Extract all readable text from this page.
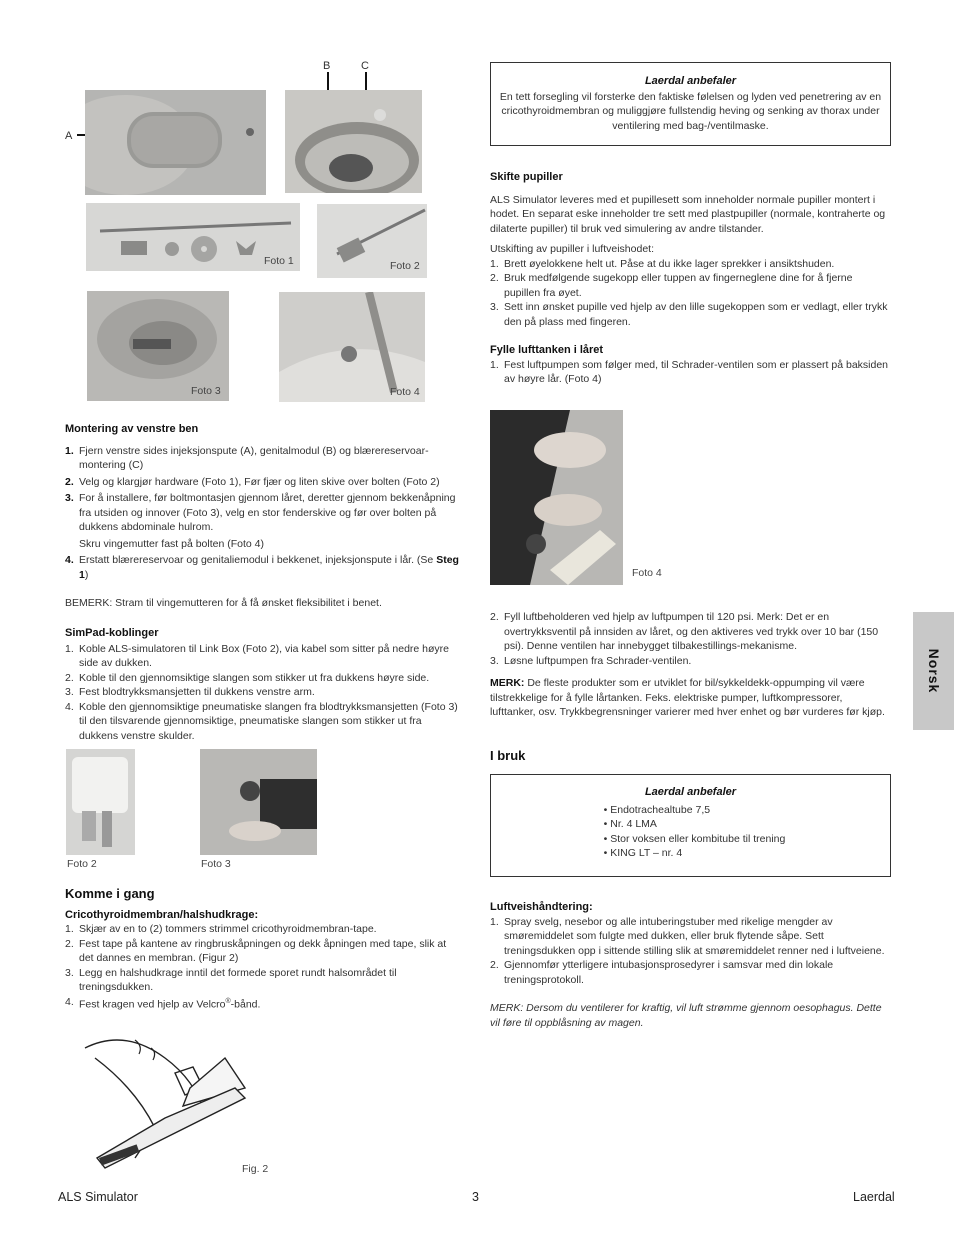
A
B	C
Foto 1	Foto 2
Foto 3	Foto 4
Montering av venstre ben
1. Fjern venstre sides injeksjonspute (A), genitalmodul (B) og blærereservoar-montering (C)
2. Velg og klargjør hardware (Foto 1), Før fjær og liten skive over bolten (Foto 2)
3. For å installere, før boltmontasjen gjennom låret, deretter gjennom bekkenåpning fra utsiden og innover (Foto 3), velg en stor fenderskive og før over bolten på dukkens abdominale hulrom.
Skru vingemutter fast på bolten (Foto 4)
4. Erstatt blærereservoar og genitaliemodul i bekkenet, injeksjonspute i lår. (Se Steg 1)
BEMERK: Stram til vingemutteren for å få ønsket fleksibilitet i benet.
SimPad-koblinger
1. Koble ALS-simulatoren til Link Box (Foto 2), via kabel som sitter på nedre høyre side av dukken.
2. Koble til den gjennomsiktige slangen som stikker ut fra dukkens høyre side.
3. Fest blodtrykksmansjetten til dukkens venstre arm.
4. Koble den gjennomsiktige pneumatiske slangen fra blodtrykksmansjetten (Foto 3) til den tilsvarende gjennomsiktige, pneumatiske slangen som stikker ut fra dukkens venstre skulder.
Foto 2	Foto 3
Komme i gang
Cricothyroidmembran/halshudkrage:
1. Skjær av en to (2) tommers strimmel cricothyroidmembran-tape.
2. Fest tape på kantene av ringbruskåpningen og dekk åpningen med tape, slik at det dannes en membran. (Figur 2)
3. Legg en halshudkrage inntil det formede sporet rundt halsområdet til treningsdukken.
4. Fest kragen ved hjelp av Velcro®-bånd.
Fig. 2
Laerdal anbefaler
En tett forsegling vil forsterke den faktiske følelsen og lyden ved penetrering av en cricothyroidmembran og muliggjøre fullstendig heving og senking av thorax under ventilering med bag-/ventilmaske.
Skifte pupiller

ALS Simulator leveres med et pupillesett som inneholder normale pupiller montert i hodet. En separat eske inneholder tre sett med plastpupiller (normale, kontraherte og dilaterte pupiller) til bruk ved simulering av andre tilstander.

Utskifting av pupiller i luftveishodet:

1. Brett øyelokkene helt ut. Påse at du ikke lager sprekker i ansiktshuden.
2. Bruk medfølgende sugekopp eller tuppen av fingerneglene dine for å fjerne pupillen fra øyet.
3. Sett inn ønsket pupille ved hjelp av den lille sugekoppen som er vedlagt, eller trykk den på plass med fingeren.
Fylle lufttanken i låret
1. Fest luftpumpen som følger med, til Schrader-ventilen som er plassert på baksiden av høyre lår. (Foto 4)
Foto 4
2. Fyll luftbeholderen ved hjelp av luftpumpen til 120 psi. Merk: Det er en overtrykksventil på innsiden av låret, og den aktiveres ved trykk over 10 bar (150 psi). Denne ventilen har innebygget tilbakestillings-mekanisme.
3. Løsne luftpumpen fra Schrader-ventilen.

MERK: De fleste produkter som er utviklet for bil/sykkeldekk-oppumping vil være tilstrekkelige for å fylle lårtanken. Feks. elektriske pumper, luftkompressorer, lufttanker, osv. Trykkbegrensninger varierer med hver enhet og bør vurderes før kjøp.

I bruk
Laerdal anbefaler
• Endotrachealtube 7,5
• Nr. 4 LMA
• Stor voksen eller kombitube til trening
• KING LT – nr. 4
Luftveishåndtering:
1. Spray svelg, nesebor og alle intuberingstuber med rikelige mengder av smøremiddelet som fulgte med dukken, eller bruk flytende såpe. Sett treningsdukken opp i sittende stilling slik at smøremiddelet renner ned i luftveiene.
2. Gjennomfør ytterligere intubasjonsprosedyrer i samsvar med din lokale treningsprotokoll.

MERK: Dersom du ventilerer for kraftig, vil luft strømme gjennom oesophagus. Dette vil føre til oppblåsning av magen.

Norsk
ALS Simulator	3	Laerdal
